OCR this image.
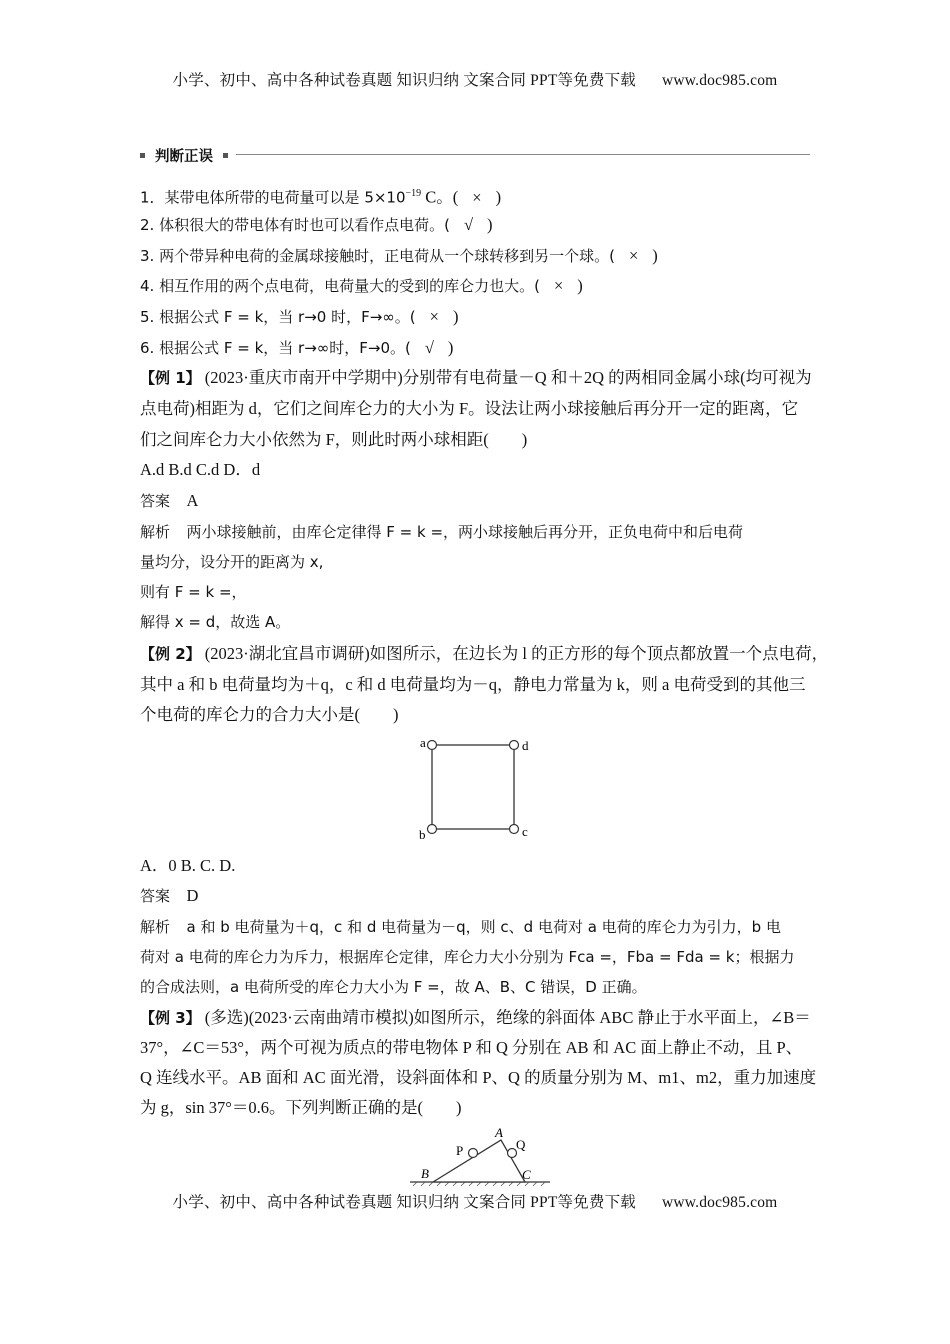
小学、初中、高中各种试卷真题 知识归纳 文案合同 PPT等免费下载 www.doc985.com
判断正误
1．某带电体所带的电荷量可以是 $5\times 10^{-19}$ C。( × )
2. 体积很大的带电体有时也可以看作点电荷。( √ )
3. 两个带异种电荷的金属球接触时，正电荷从一个球转移到另一个球。( × )
4. 相互作用的两个点电荷，电荷量大的受到的库仑力也大。( × )
5. 根据公式 F = k，当 r→0 时，F→∞。( × )
6. 根据公式 F = k，当 r→∞时，F→0。( √ )
【例 1】 (2023·重庆市南开中学期中)分别带有电荷量－Q 和＋2Q 的两相同金属小球(均可视为
点电荷)相距为 d，它们之间库仑力的大小为 F。设法让两小球接触后再分开一定的距离，它
们之间库仑力大小依然为 F，则此时两小球相距(　　)
A.d B.d C.d D．d
答案　 A
解析　 两小球接触前，由库仑定律得 F = k =，两小球接触后再分开，正负电荷中和后电荷
量均分，设分开的距离为 x,
则有 F = k =，
解得 x = d，故选 A。
【例 2】 (2023·湖北宜昌市调研)如图所示，在边长为 l 的正方形的每个顶点都放置一个点电荷，
其中 a 和 b 电荷量均为＋q，c 和 d 电荷量均为－q，静电力常量为 k，则 a 电荷受到的其他三
个电荷的库仑力的合力大小是(　　)
a	d
b	c
A．0 B. C. D.
答案　 D
解析　 a 和 b 电荷量为＋q，c 和 d 电荷量为－q，则 c、d 电荷对 a 电荷的库仑力为引力，b 电
荷对 a 电荷的库仑力为斥力，根据库仑定律，库仑力大小分别为 Fca =，Fba = Fda = k；根据力
的合成法则，a 电荷所受的库仑力大小为 F =，故 A、B、C 错误，D 正确。
【例 3】 (多选)(2023·云南曲靖市模拟)如图所示，绝缘的斜面体 ABC 静止于水平面上，∠B＝
37°，∠C＝53°，两个可视为质点的带电物体 P 和 Q 分别在 AB 和 AC 面上静止不动，且 P、
Q 连线水平。AB 面和 AC 面光滑，设斜面体和 P、Q 的质量分别为 M、m1、m2，重力加速度
为 g，sin 37°＝0.6。下列判断正确的是(　　)
A
B	C
P	Q
小学、初中、高中各种试卷真题 知识归纳 文案合同 PPT等免费下载 www.doc985.com
